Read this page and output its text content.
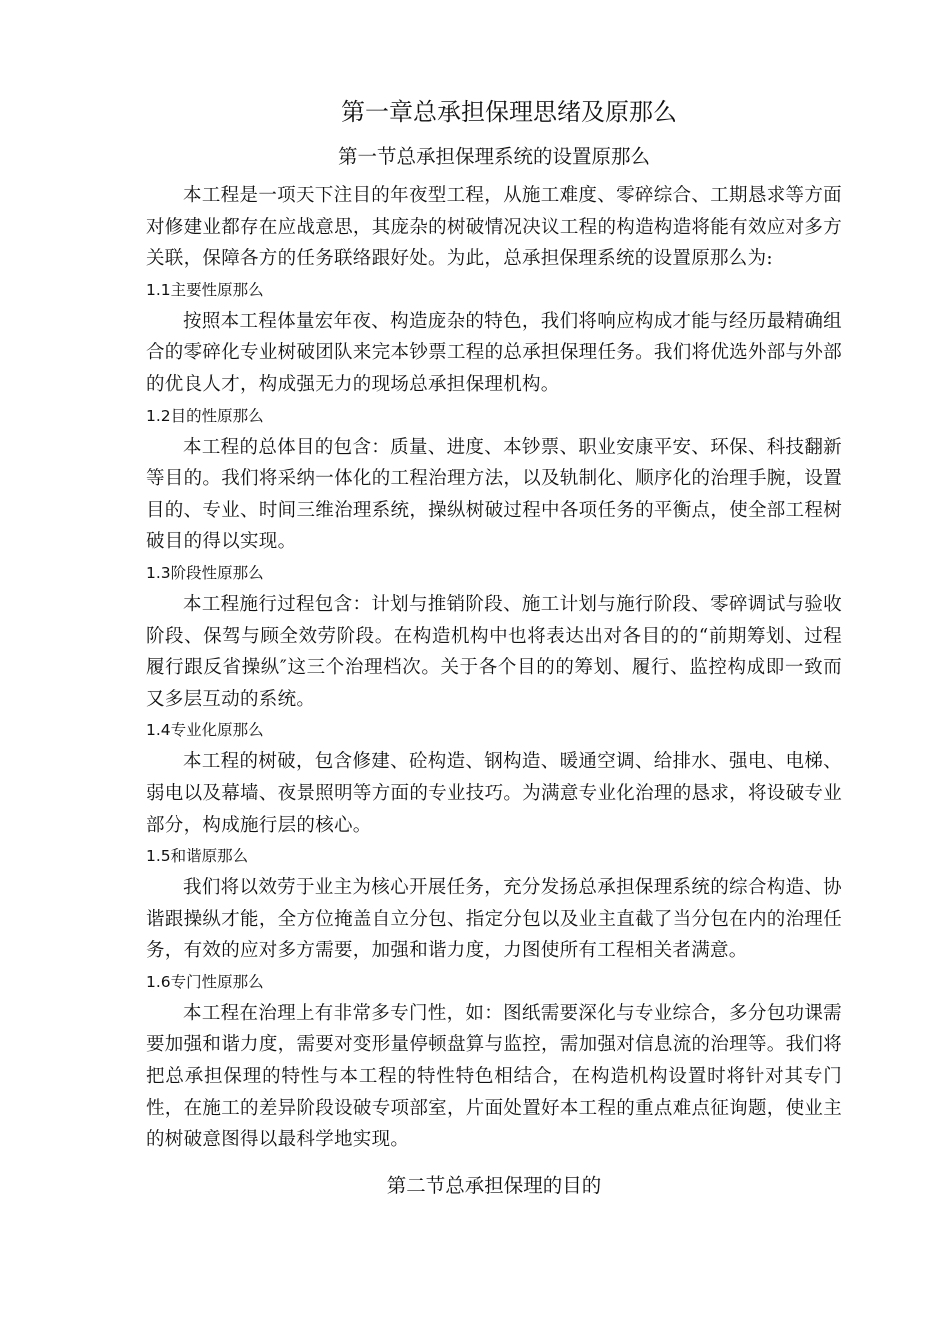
第一章总承担保理思绪及原那么
第一节总承担保理系统的设置原那么

本工程是一项天下注目的年夜型工程，从施工难度、零碎综合、工期恳求等方面对修建业都存在应战意思，其庞杂的树破情况决议工程的构造构造将能有效应对多方关联，保障各方的任务联络跟好处。为此，总承担保理系统的设置原那么为:

1.1主要性原那么

按照本工程体量宏年夜、构造庞杂的特色，我们将响应构成才能与经历最精确组合的零碎化专业树破团队来完本钞票工程的总承担保理任务。我们将优选外部与外部的优良人才，构成强无力的现场总承担保理机构。

1.2目的性原那么

本工程的总体目的包含：质量、进度、本钞票、职业安康平安、环保、科技翻新等目的。我们将采纳一体化的工程治理方法，以及轨制化、顺序化的治理手腕，设置目的、专业、时间三维治理系统，操纵树破过程中各项任务的平衡点，使全部工程树破目的得以实现。

1.3阶段性原那么

本工程施行过程包含：计划与推销阶段、施工计划与施行阶段、零碎调试与验收阶段、保驾与顾全效劳阶段。在构造机构中也将表达出对各目的的“前期筹划、过程履行跟反省操纵″这三个治理档次。关于各个目的的筹划、履行、监控构成即一致而又多层互动的系统。

1.4专业化原那么

本工程的树破，包含修建、砼构造、钢构造、暖通空调、给排水、强电、电梯、弱电以及幕墙、夜景照明等方面的专业技巧。为满意专业化治理的恳求，将设破专业部分，构成施行层的核心。

1.5和谐原那么

我们将以效劳于业主为核心开展任务，充分发扬总承担保理系统的综合构造、协谐跟操纵才能，全方位掩盖自立分包、指定分包以及业主直截了当分包在内的治理任务，有效的应对多方需要，加强和谐力度，力图使所有工程相关者满意。

1.6专门性原那么

本工程在治理上有非常多专门性，如：图纸需要深化与专业综合，多分包功课需要加强和谐力度，需要对变形量停顿盘算与监控，需加强对信息流的治理等。我们将把总承担保理的特性与本工程的特性特色相结合，在构造机构设置时将针对其专门性，在施工的差异阶段设破专项部室，片面处置好本工程的重点难点征询题，使业主的树破意图得以最科学地实现。

第二节总承担保理的目的
